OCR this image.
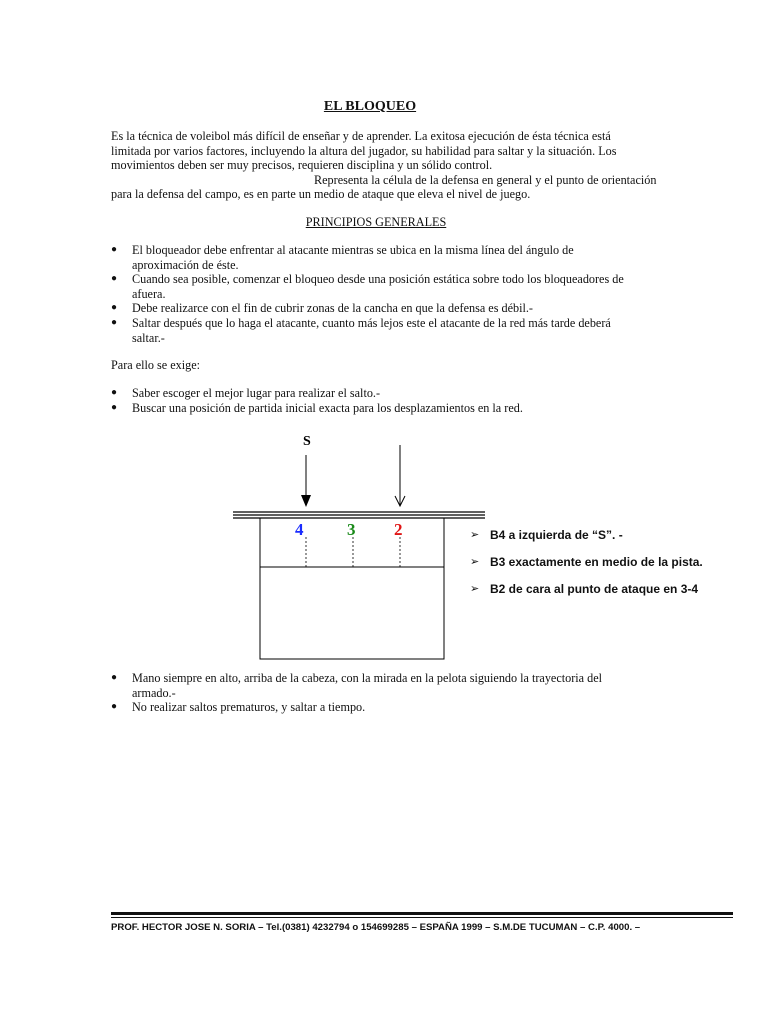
EL BLOQUEO
Es la técnica de voleibol más difícil de enseñar y de aprender. La exitosa ejecución de ésta técnica está
limitada por varios factores, incluyendo la altura del jugador, su habilidad para saltar y la situación. Los
movimientos deben ser muy precisos, requieren disciplina y un sólido control.
Representa la célula de la defensa en general y el punto de orientación
para la defensa del campo, es en parte un medio de ataque que eleva el nivel de juego.
PRINCIPIOS GENERALES
● El bloqueador debe enfrentar al atacante mientras se ubica en la misma línea del ángulo de
aproximación de éste.
● Cuando sea posible, comenzar el bloqueo desde una posición estática sobre todo los bloqueadores de
afuera.
● Debe realizarce con el fin de cubrir zonas de la cancha en que la defensa es débil.-
● Saltar después que lo haga el atacante, cuanto más lejos este el atacante de la red más tarde deberá
saltar.-
Para ello se exige:
● Saber escoger el mejor lugar para realizar el salto.-
● Buscar una posición de partida inicial exacta para los desplazamientos en la red.
S
4	3 2	➢ B4 a izquierda de “S”. -
➢ B3 exactamente en medio de la pista.
➢ B2 de cara al punto de ataque en 3-4
● Mano siempre en alto, arriba de la cabeza, con la mirada en la pelota siguiendo la trayectoria del
armado.-
● No realizar saltos prematuros, y saltar a tiempo.
PROF. HECTOR JOSE N. SORIA – Tel.(0381) 4232794 o 154699285 – ESPAÑA 1999 – S.M.DE TUCUMAN – C.P. 4000. –
